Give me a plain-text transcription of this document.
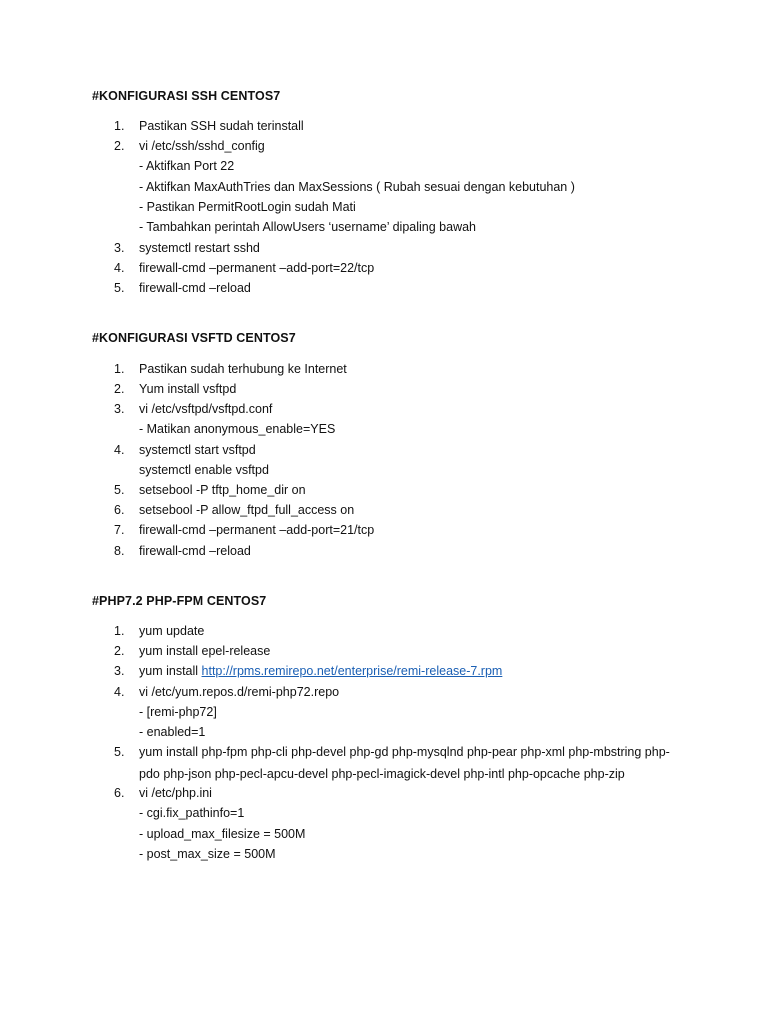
#KONFIGURASI SSH CENTOS7
1. Pastikan SSH sudah terinstall
2. vi /etc/ssh/sshd_config
- Aktifkan Port 22
- Aktifkan MaxAuthTries dan MaxSessions ( Rubah sesuai dengan kebutuhan )
- Pastikan PermitRootLogin sudah Mati
- Tambahkan perintah AllowUsers ‘username’ dipaling bawah
3. systemctl restart sshd
4. firewall-cmd –permanent –add-port=22/tcp
5. firewall-cmd –reload
#KONFIGURASI VSFTD CENTOS7
1. Pastikan sudah terhubung ke Internet
2. Yum install vsftpd
3. vi /etc/vsftpd/vsftpd.conf
- Matikan anonymous_enable=YES
4. systemctl start vsftpd
systemctl enable vsftpd
5. setsebool -P tftp_home_dir on
6. setsebool -P allow_ftpd_full_access on
7. firewall-cmd –permanent –add-port=21/tcp
8. firewall-cmd –reload
#PHP7.2 PHP-FPM CENTOS7
1. yum update
2. yum install epel-release
3. yum install http://rpms.remirepo.net/enterprise/remi-release-7.rpm
4. vi /etc/yum.repos.d/remi-php72.repo
- [remi-php72]
- enabled=1
5. yum install php-fpm php-cli php-devel php-gd php-mysqlnd php-pear php-xml php-mbstring php-
pdo php-json php-pecl-apcu-devel php-pecl-imagick-devel php-intl php-opcache php-zip
6. vi /etc/php.ini
- cgi.fix_pathinfo=1
- upload_max_filesize = 500M
- post_max_size = 500M
